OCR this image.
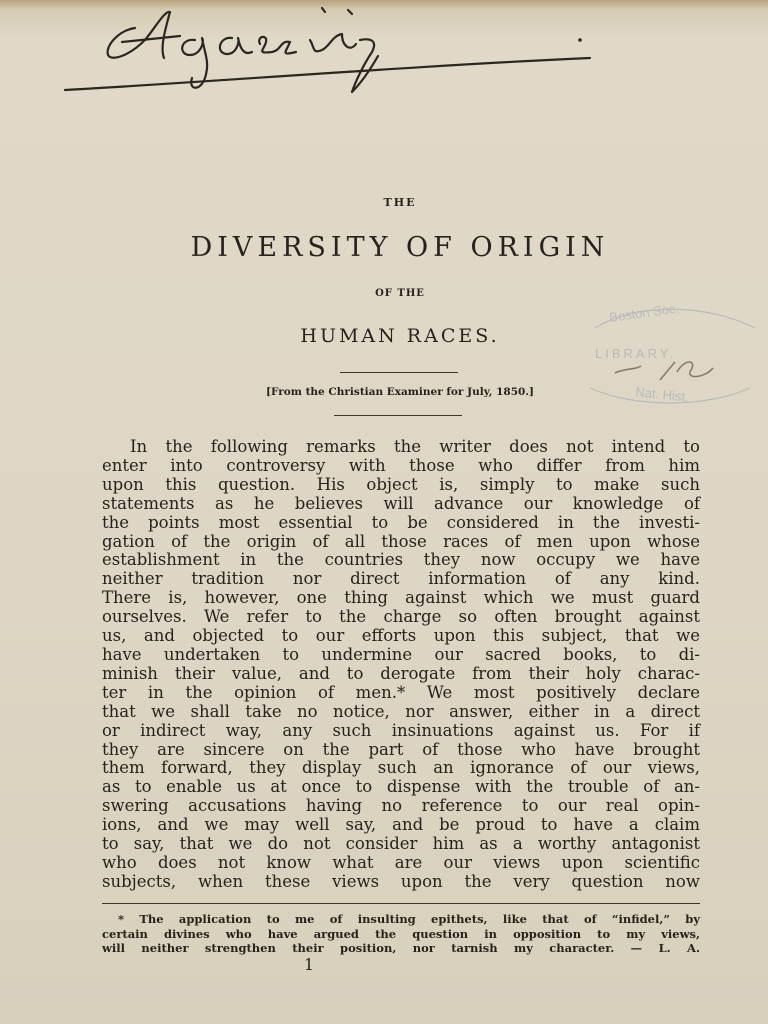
Boston Soc.
LIBRARY.
Nat. Hist.
THE
DIVERSITY OF ORIGIN
OF THE
HUMAN RACES.
[From the Christian Examiner for July, 1850.]
In the following remarks the writer does not intend to
enter into controversy with those who differ from him
upon this question. His object is, simply to make such
statements as he believes will advance our knowledge of
the points most essential to be considered in the investi-
gation of the origin of all those races of men upon whose
establishment in the countries they now occupy we have
neither tradition nor direct information of any kind.
There is, however, one thing against which we must guard
ourselves. We refer to the charge so often brought against
us, and objected to our efforts upon this subject, that we
have undertaken to undermine our sacred books, to di-
minish their value, and to derogate from their holy charac-
ter in the opinion of men.* We most positively declare
that we shall take no notice, nor answer, either in a direct
or indirect way, any such insinuations against us. For if
they are sincere on the part of those who have brought
them forward, they display such an ignorance of our views,
as to enable us at once to dispense with the trouble of an-
swering accusations having no reference to our real opin-
ions, and we may well say, and be proud to have a claim
to say, that we do not consider him as a worthy antagonist
who does not know what are our views upon scientific
subjects, when these views upon the very question now
* The application to me of insulting epithets, like that of “infidel,” by
certain divines who have argued the question in opposition to my views,
will neither strengthen their position, nor tarnish my character. — L. A.
1
